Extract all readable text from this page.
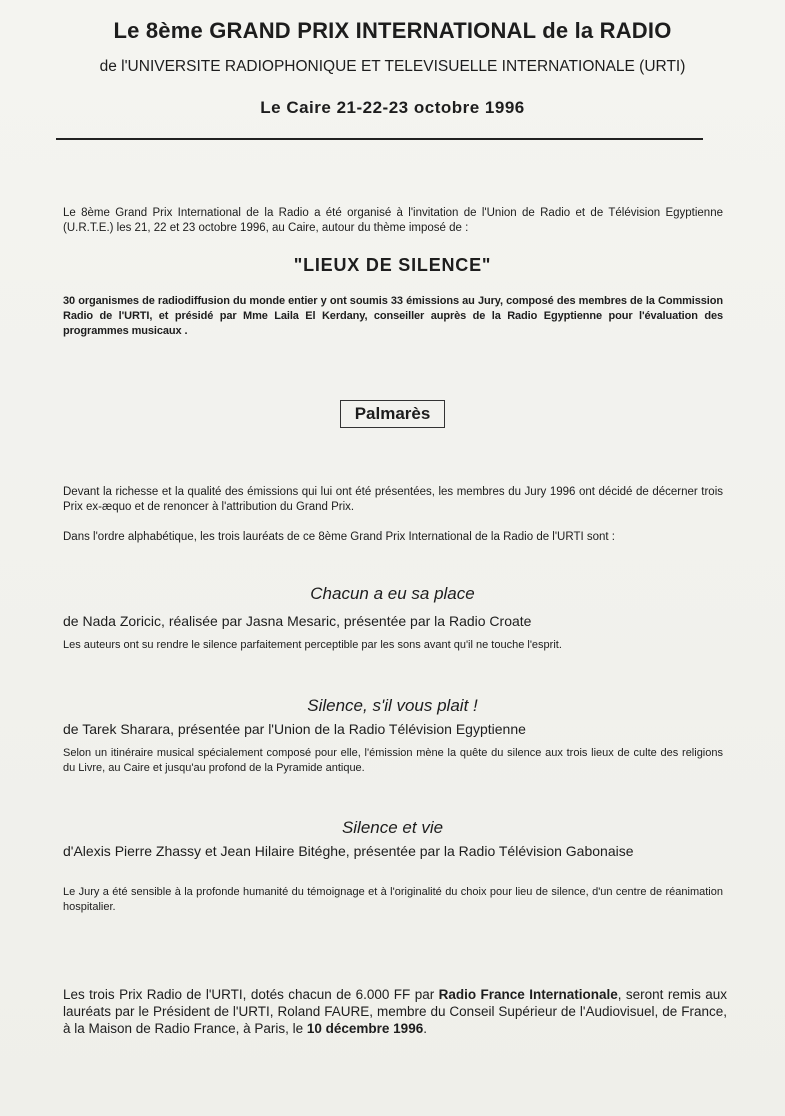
Le 8ème GRAND PRIX INTERNATIONAL de la RADIO
de l'UNIVERSITE RADIOPHONIQUE ET TELEVISUELLE INTERNATIONALE (URTI)
Le Caire 21-22-23 octobre 1996
Le 8ème Grand Prix International de la Radio a été organisé à l'invitation de l'Union de Radio et de Télévision Egyptienne (U.R.T.E.) les 21, 22 et 23 octobre 1996, au Caire, autour du thème imposé de :
"LIEUX DE SILENCE"
30 organismes de radiodiffusion du monde entier y ont soumis 33 émissions au Jury, composé des membres de la Commission Radio de l'URTI, et présidé par Mme Laila El Kerdany, conseiller auprès de la Radio Egyptienne pour l'évaluation des programmes musicaux .
Palmarès
Devant la richesse et la qualité des émissions qui lui ont été présentées, les membres du Jury 1996 ont décidé de décerner trois Prix ex-æquo et de renoncer à l'attribution du Grand Prix.
Dans l'ordre alphabétique, les trois lauréats de ce 8ème Grand Prix International de la Radio de l'URTI sont :
Chacun a eu sa place
de Nada Zoricic, réalisée par Jasna Mesaric, présentée par la Radio Croate
Les auteurs ont su rendre le silence parfaitement perceptible par les sons avant qu'il ne touche l'esprit.
Silence, s'il vous plait !
de Tarek Sharara, présentée par l'Union de la Radio Télévision Egyptienne
Selon un itinéraire musical spécialement composé pour elle, l'émission mène la quête du silence aux trois lieux de culte des religions du Livre, au Caire et jusqu'au profond de la Pyramide antique.
Silence et vie
d'Alexis Pierre Zhassy et Jean Hilaire Bitéghe, présentée par la Radio Télévision Gabonaise
Le Jury a été sensible à la profonde humanité du témoignage et à l'originalité du choix pour lieu de silence, d'un centre de réanimation hospitalier.
Les trois Prix Radio de l'URTI, dotés chacun de 6.000 FF par Radio France Internationale, seront remis aux lauréats par le Président de l'URTI, Roland FAURE, membre du Conseil Supérieur de l'Audiovisuel, de France, à la Maison de Radio France, à Paris, le 10 décembre 1996.
